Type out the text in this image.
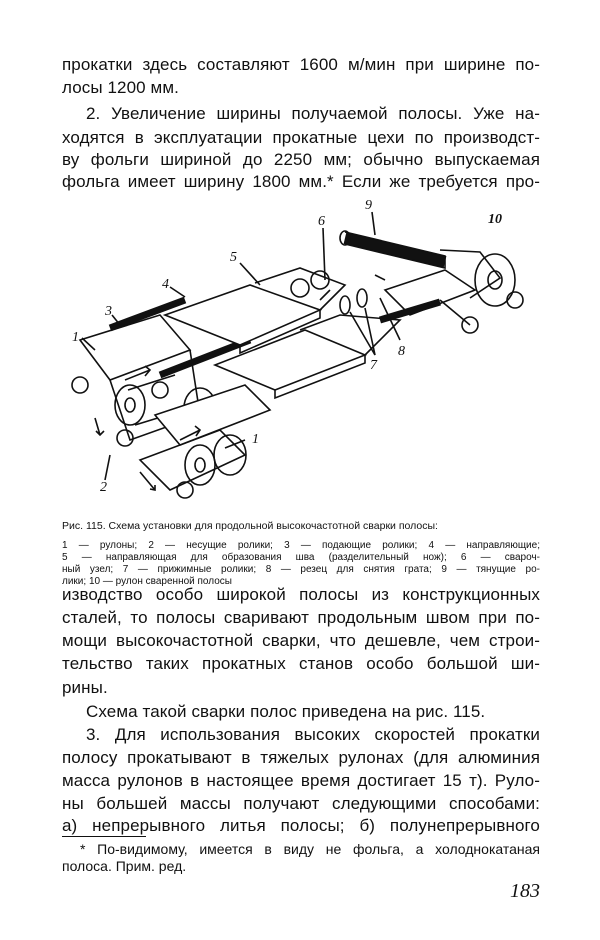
прокатки здесь составляют 1600 м/мин при ширине по-
лосы 1200 мм.
2. Увеличение ширины получаемой полосы. Уже на-
ходятся в эксплуатации прокатные цехи по производст-
ву фольги шириной до 2250 мм; обычно выпускаемая
фольга имеет ширину 1800 мм.* Если же требуется про-
1
2
3
4
5
6
7
8
9
10
1
Рис. 115. Схема установки для продольной высокочастотной сварки полосы:
1 — рулоны; 2 — несущие ролики; 3 — подающие ролики; 4 — направляющие;
5 — направляющая для образования шва (разделительный нож); 6 — свароч-
ный узел; 7 — прижимные ролики; 8 — резец для снятия грата; 9 — тянущие ро-
лики; 10 — рулон сваренной полосы
изводство особо широкой полосы из конструкционных
сталей, то полосы сваривают продольным швом при по-
мощи высокочастотной сварки, что дешевле, чем строи-
тельство таких прокатных станов особо большой ши-
рины.
Схема такой сварки полос приведена на рис. 115.
3. Для использования высоких скоростей прокатки
полосу прокатывают в тяжелых рулонах (для алюминия
масса рулонов в настоящее время достигает 15 т). Руло-
ны большей массы получают следующими способами:
а) непрерывного литья полосы; б) полунепрерывного
* По-видимому, имеется в виду не фольга, а холоднокатаная
полоса. Прим. ред.
183
